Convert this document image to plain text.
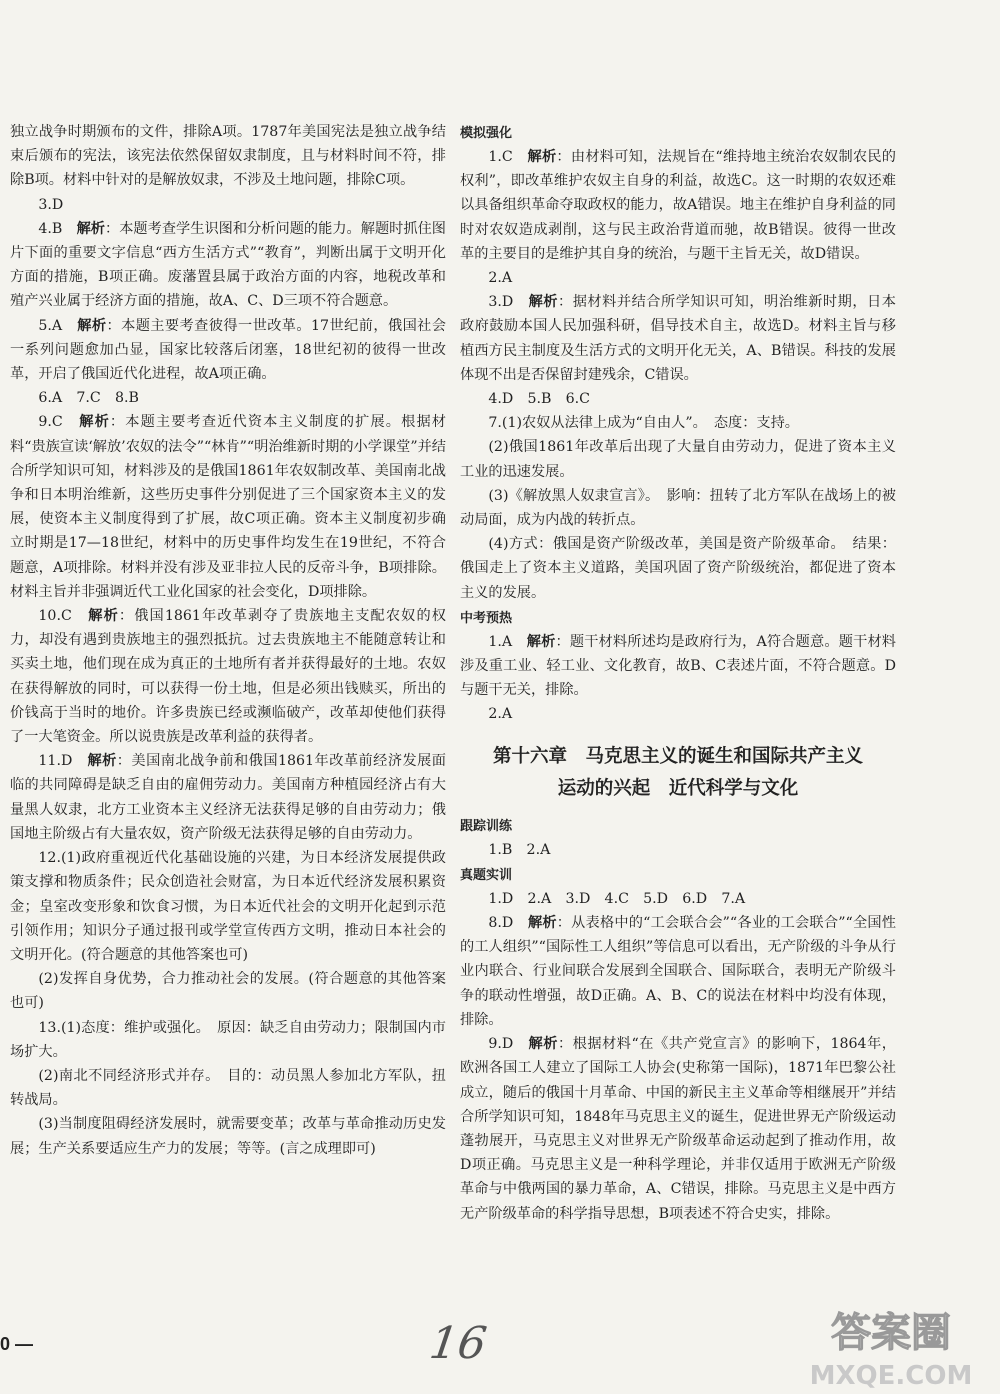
独立战争时期颁布的文件，排除A项。1787年美国宪法是独立战争结束后颁布的宪法，该宪法依然保留奴隶制度，且与材料时间不符，排除B项。材料中针对的是解放奴隶，不涉及土地问题，排除C项。

3.D

4.B　 解析：本题考查学生识图和分析问题的能力。解题时抓住图片下面的重要文字信息“西方生活方式”“教育”，判断出属于文明开化方面的措施，B项正确。废藩置县属于政治方面的内容，地税改革和殖产兴业属于经济方面的措施，故A、C、D三项不符合题意。

5.A　 解析：本题主要考查彼得一世改革。17世纪前，俄国社会一系列问题愈加凸显，国家比较落后闭塞，18世纪初的彼得一世改革，开启了俄国近代化进程，故A项正确。

6.A　7.C　8.B

9.C　 解析：本题主要考查近代资本主义制度的扩展。根据材料“贵族宣读‘解放’农奴的法令”“林肯”“明治维新时期的小学课堂”并结合所学知识可知，材料涉及的是俄国1861年农奴制改革、美国南北战争和日本明治维新，这些历史事件分别促进了三个国家资本主义的发展，使资本主义制度得到了扩展，故C项正确。资本主义制度初步确立时期是17—18世纪，材料中的历史事件均发生在19世纪，不符合题意，A项排除。材料并没有涉及亚非拉人民的反帝斗争，B项排除。材料主旨并非强调近代工业化国家的社会变化，D项排除。

10.C　 解析：俄国1861年改革剥夺了贵族地主支配农奴的权力，却没有遇到贵族地主的强烈抵抗。过去贵族地主不能随意转让和买卖土地，他们现在成为真正的土地所有者并获得最好的土地。农奴在获得解放的同时，可以获得一份土地，但是必须出钱赎买，所出的价钱高于当时的地价。许多贵族已经或濒临破产，改革却使他们获得了一大笔资金。所以说贵族是改革利益的获得者。

11.D　 解析：美国南北战争前和俄国1861年改革前经济发展面临的共同障碍是缺乏自由的雇佣劳动力。美国南方种植园经济占有大量黑人奴隶，北方工业资本主义经济无法获得足够的自由劳动力；俄国地主阶级占有大量农奴，资产阶级无法获得足够的自由劳动力。

12.(1)政府重视近代化基础设施的兴建，为日本经济发展提供政策支撑和物质条件；民众创造社会财富，为日本近代经济发展积累资金；皇室改变形象和饮食习惯，为日本近代社会的文明开化起到示范引领作用；知识分子通过报刊或学堂宣传西方文明，推动日本社会的文明开化。(符合题意的其他答案也可)

(2)发挥自身优势，合力推动社会的发展。(符合题意的其他答案也可)

13.(1)态度：维护或强化。　原因：缺乏自由劳动力；限制国内市场扩大。

(2)南北不同经济形式并存。　目的：动员黑人参加北方军队，扭转战局。

(3)当制度阻碍经济发展时，就需要变革；改革与革命推动历史发展；生产关系要适应生产力的发展；等等。(言之成理即可)

模拟强化

1.C　 解析：由材料可知，法规旨在“维持地主统治农奴制农民的权利”，即改革维护农奴主自身的利益，故选C。这一时期的农奴还难以具备组织革命夺取政权的能力，故A错误。地主在维护自身利益的同时对农奴造成剥削，这与民主政治背道而驰，故B错误。彼得一世改革的主要目的是维护其自身的统治，与题干主旨无关，故D错误。

2.A

3.D　 解析：据材料并结合所学知识可知，明治维新时期，日本政府鼓励本国人民加强科研，倡导技术自主，故选D。材料主旨与移植西方民主制度及生活方式的文明开化无关，A、B错误。科技的发展体现不出是否保留封建残余，C错误。

4.D　5.B　6.C

7.(1)农奴从法律上成为“自由人”。　态度：支持。

(2)俄国1861年改革后出现了大量自由劳动力，促进了资本主义工业的迅速发展。

(3)《解放黑人奴隶宣言》。　影响：扭转了北方军队在战场上的被动局面，成为内战的转折点。

(4)方式：俄国是资产阶级改革，美国是资产阶级革命。　结果：俄国走上了资本主义道路，美国巩固了资产阶级统治，都促进了资本主义的发展。

中考预热

1.A　 解析：题干材料所述均是政府行为，A符合题意。题干材料涉及重工业、轻工业、文化教育，故B、C表述片面，不符合题意。D与题干无关，排除。

2.A

第十六章　马克思主义的诞生和国际共产主义
运动的兴起　近代科学与文化
跟踪训练

1.B　2.A

真题实训

1.D　2.A　3.D　4.C　5.D　6.D　7.A

8.D　 解析：从表格中的“工会联合会”“各业的工会联合”“全国性的工人组织”“国际性工人组织”等信息可以看出，无产阶级的斗争从行业内联合、行业间联合发展到全国联合、国际联合，表明无产阶级斗争的联动性增强，故D正确。A、B、C的说法在材料中均没有体现，排除。

9.D　 解析：根据材料“在《共产党宣言》的影响下，1864年，欧洲各国工人建立了国际工人协会(史称第一国际)，1871年巴黎公社成立，随后的俄国十月革命、中国的新民主主义革命等相继展开”并结合所学知识可知，1848年马克思主义的诞生，促进世界无产阶级运动蓬勃展开，马克思主义对世界无产阶级革命运动起到了推动作用，故D项正确。马克思主义是一种科学理论，并非仅适用于欧洲无产阶级革命与中俄两国的暴力革命，A、C错误，排除。马克思主义是中西方无产阶级革命的科学指导思想，B项表述不符合史实，排除。

0 —	16	答案圈
MXQE.COM
